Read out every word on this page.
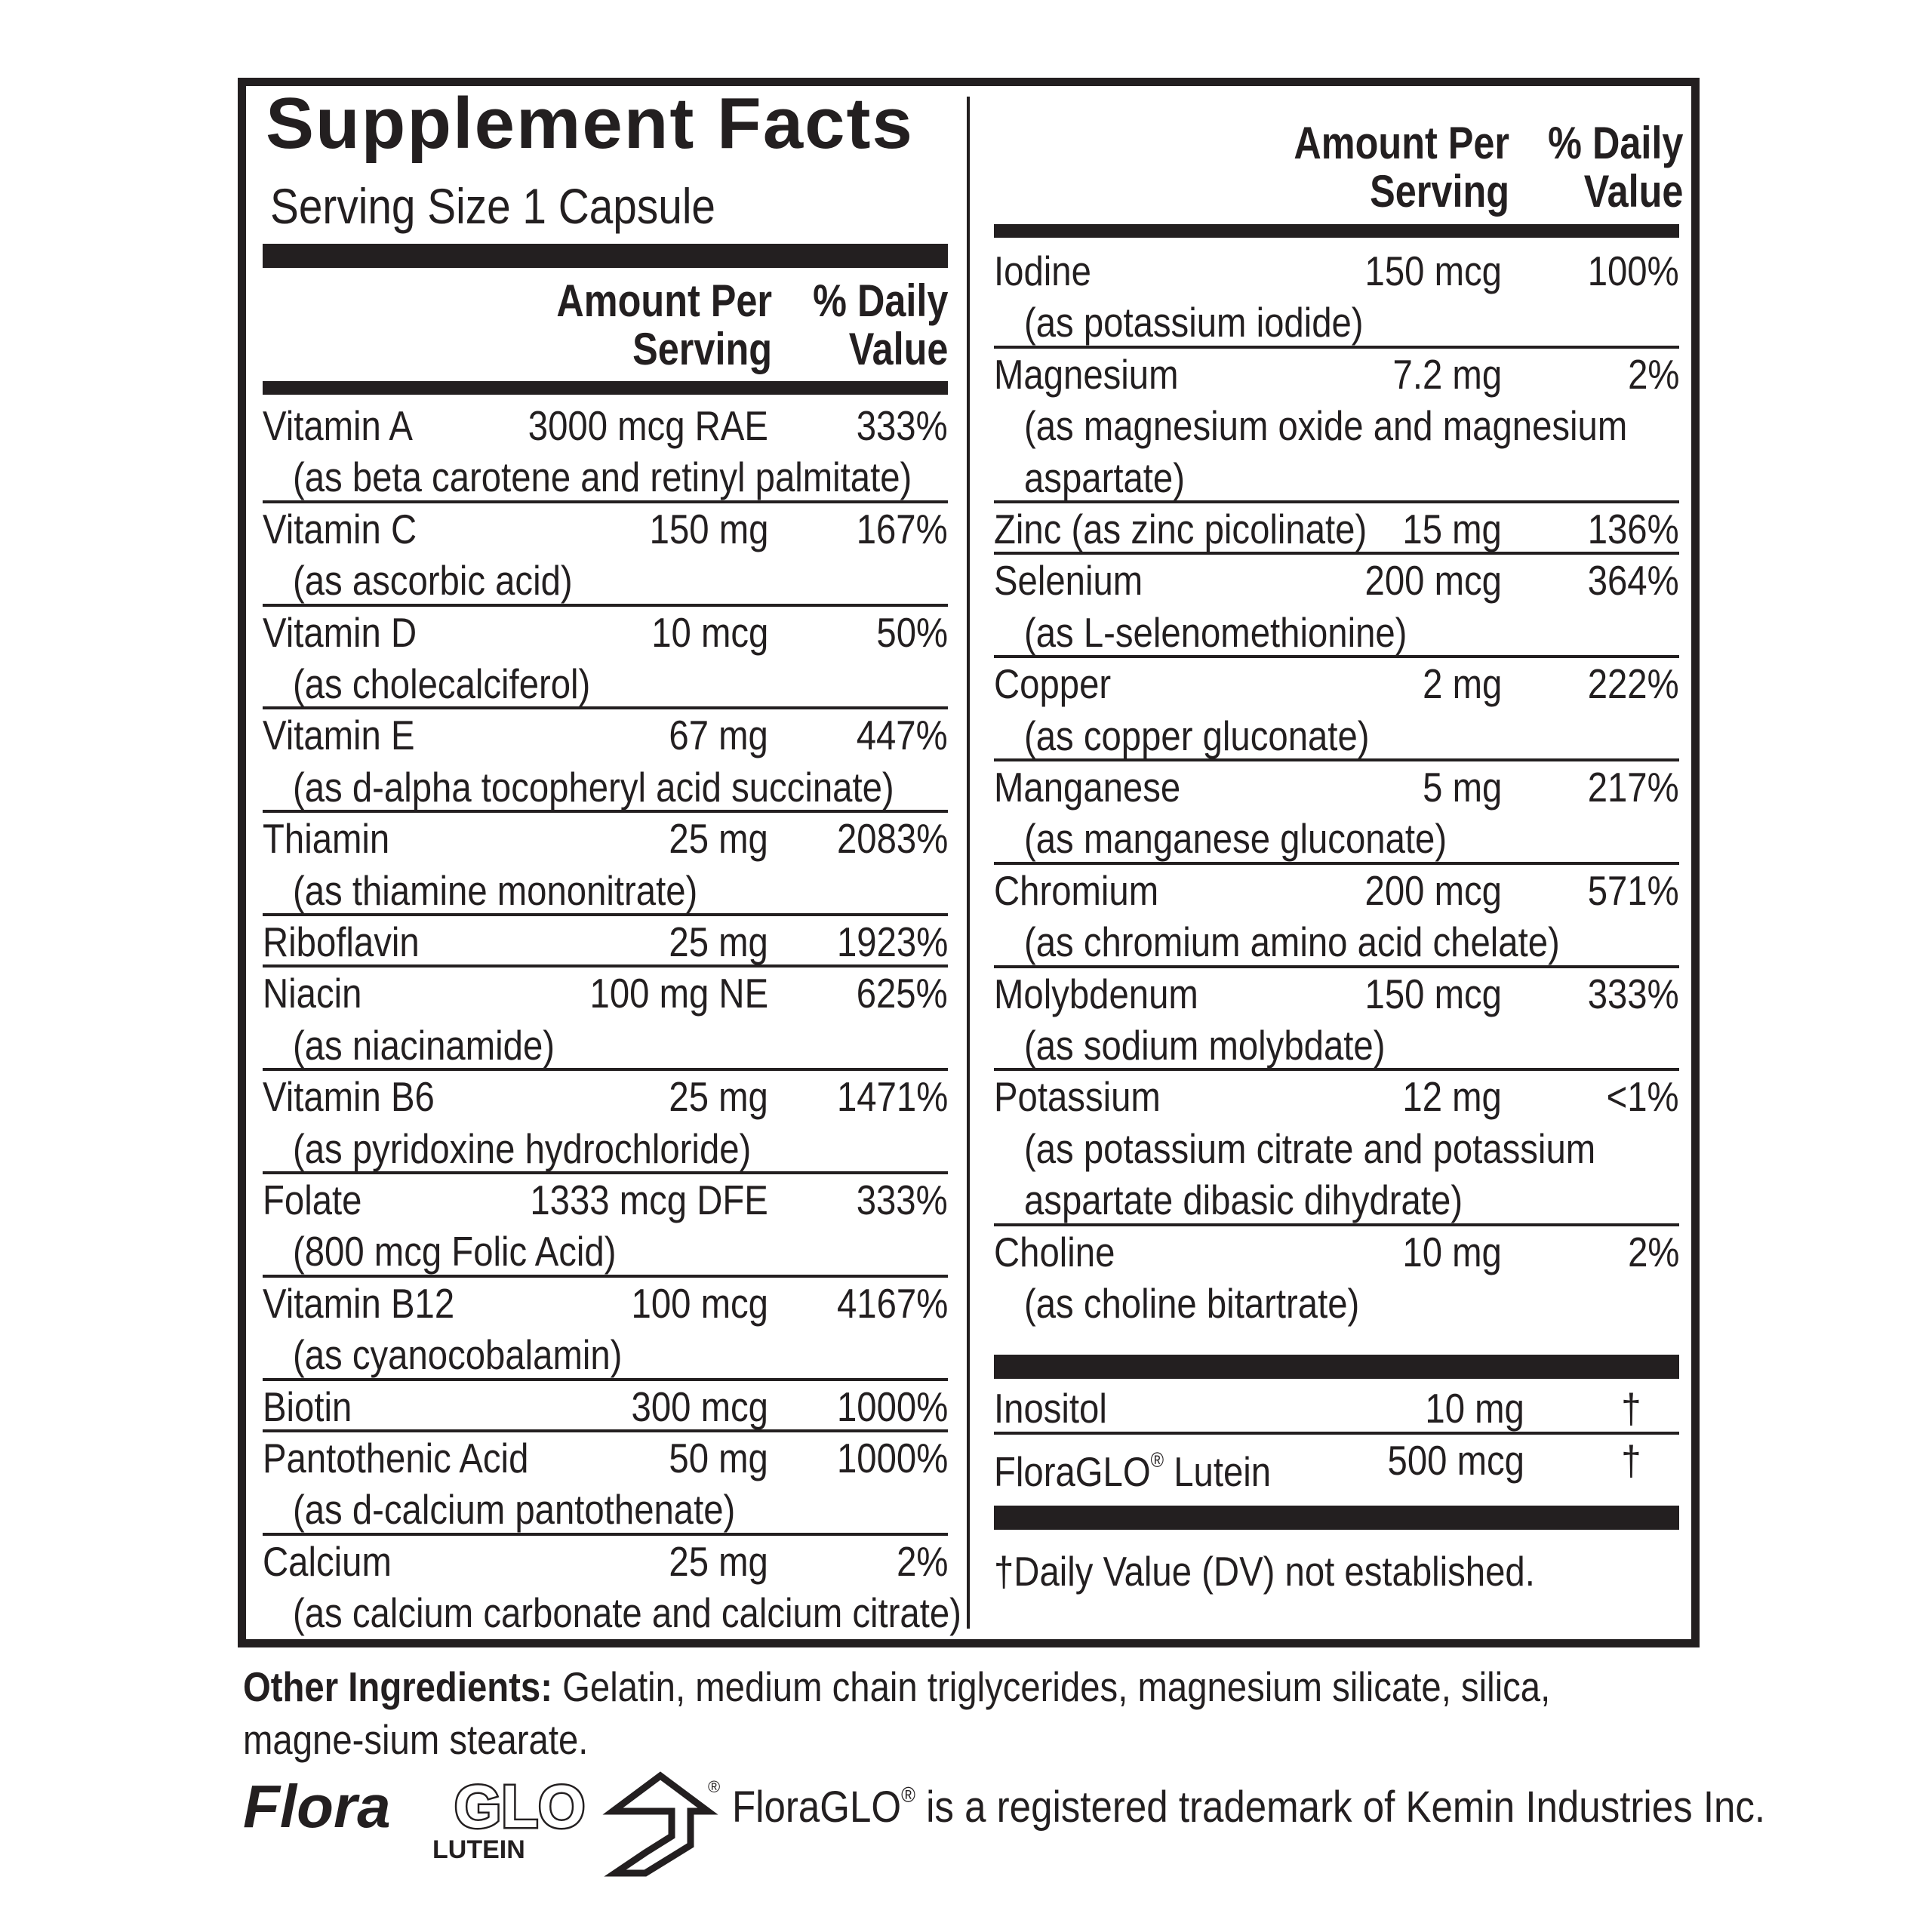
Supplement Facts
Serving Size 1 Capsule
Amount Per
Serving
% Daily
Value
Amount Per
Serving
% Daily
Value
Vitamin A	3000 mcg RAE 333%
(as beta carotene and retinyl palmitate)
Vitamin C	150 mg 167%
(as ascorbic acid)
Vitamin D	10 mcg	50%
(as cholecalciferol)
Vitamin E	67 mg 447%
(as d-alpha tocopheryl acid succinate)
Thiamin	25 mg 2083%
(as thiamine mononitrate)
Riboflavin	25 mg 1923%
Niacin	100 mg NE 625%
(as niacinamide)
Vitamin B6	25 mg 1471%
(as pyridoxine hydrochloride)
Folate	1333 mcg DFE 333%
(800 mcg Folic Acid)
Vitamin B12	100 mcg 4167%
(as cyanocobalamin)
Biotin	300 mcg 1000%
Pantothenic Acid	50 mg 1000%
(as d-calcium pantothenate)
Calcium	25 mg	2%
(as calcium carbonate and calcium citrate)
Iodine	150 mcg 100%
(as potassium iodide)
Magnesium	7.2 mg	2%
(as magnesium oxide and magnesium
aspartate)
Zinc (as zinc picolinate) 15 mg 136%
Selenium	200 mcg 364%
(as L-selenomethionine)
Copper	2 mg 222%
(as copper gluconate)
Manganese	5 mg 217%
(as manganese gluconate)
Chromium	200 mcg 571%
(as chromium amino acid chelate)
Molybdenum	150 mcg 333%
(as sodium molybdate)
Potassium	12 mg	<1%
(as potassium citrate and potassium
aspartate dibasic dihydrate)
Choline	10 mg	2%
(as choline bitartrate)
Inositol	10 mg †
FloraGLO® Lutein	500 mcg †
†Daily Value (DV) not established.
Other Ingredients: Gelatin, medium chain triglycerides, magnesium silicate, silica, magne-sium stearate.
Flora GLO
LUTEIN
® FloraGLO® is a registered trademark of Kemin Industries Inc.
